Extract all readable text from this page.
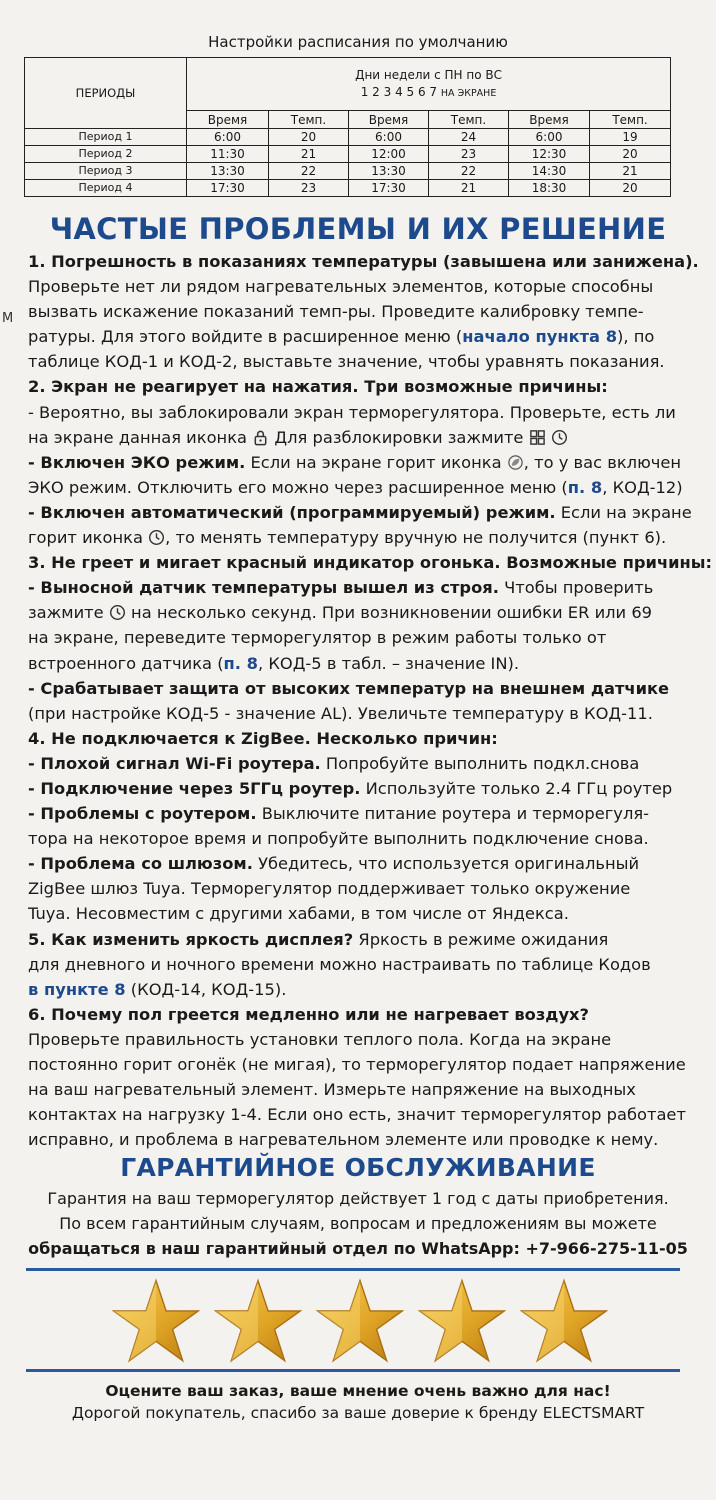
М
Настройки расписания по умолчанию
ПЕРИОДЫ	Дни недели с ПН по ВС
1 2 3 4 5 6 7 НА ЭКРАНЕ					

	Время	Темп.	Время	Темп.	Время	Темп.
Период 1	6:00	20	6:00	24	6:00	19
Период 2	11:30	21	12:00	23	12:30	20
Период 3	13:30	22	13:30	22	14:30	21
Период 4	17:30	23	17:30	21	18:30	20
ЧАСТЫЕ ПРОБЛЕМЫ И ИХ РЕШЕНИЕ

1. Погрешность в показаниях температуры (завышена или занижена).

Проверьте нет ли рядом нагревательных элементов, которые способны

вызвать искажение показаний темп-ры. Проведите калибровку темпе-

ратуры. Для этого войдите в расширенное меню (начало пункта 8), по

таблице КОД-1 и КОД-2, выставьте значение, чтобы уравнять показания.

2. Экран не реагирует на нажатия. Три возможные причины:

- Вероятно, вы заблокировали экран терморегулятора. Проверьте, есть ли

на экране данная иконка Для разблокировки зажмите

- Включен ЭКО режим. Если на экране горит иконка , то у вас включен

ЭКО режим. Отключить его можно через расширенное меню (п. 8, КОД-12)

- Включен автоматический (программируемый) режим. Если на экране

горит иконка , то менять температуру вручную не получится (пункт 6).

3. Не греет и мигает красный индикатор огонька. Возможные причины:

- Выносной датчик температуры вышел из строя. Чтобы проверить

зажмите на несколько секунд. При возникновении ошибки ER или 69

на экране, переведите терморегулятор в режим работы только от

встроенного датчика (п. 8, КОД-5 в табл. – значение IN).

- Срабатывает защита от высоких температур на внешнем датчике

(при настройке КОД-5 - значение AL). Увеличьте температуру в КОД-11.

4. Не подключается к ZigBee. Несколько причин:

- Плохой сигнал Wi-Fi роутера. Попробуйте выполнить подкл.снова

- Подключение через 5ГГц роутер. Используйте только 2.4 ГГц роутер

- Проблемы с роутером. Выключите питание роутера и терморегуля-

тора на некоторое время и попробуйте выполнить подключение снова.

- Проблема со шлюзом. Убедитесь, что используется оригинальный

ZigBee шлюз Tuya. Терморегулятор поддерживает только окружение

Tuya. Несовместим с другими хабами, в том числе от Яндекса.

5. Как изменить яркость дисплея? Яркость в режиме ожидания

для дневного и ночного времени можно настраивать по таблице Кодов

в пункте 8 (КОД-14, КОД-15).

6. Почему пол греется медленно или не нагревает воздух?

Проверьте правильность установки теплого пола. Когда на экране

постоянно горит огонёк (не мигая), то терморегулятор подает напряжение

на ваш нагревательный элемент. Измерьте напряжение на выходных

контактах на нагрузку 1-4. Если оно есть, значит терморегулятор работает

исправно, и проблема в нагревательном элементе или проводке к нему.

ГАРАНТИЙНОЕ ОБСЛУЖИВАНИЕ

Гарантия на ваш терморегулятор действует 1 год с даты приобретения.

По всем гарантийным случаям, вопросам и предложениям вы можете

обращаться в наш гарантийный отдел по WhatsApp: +7-966-275-11-05

Оцените ваш заказ, ваше мнение очень важно для нас!

Дорогой покупатель, спасибо за ваше доверие к бренду ELECTSMART
